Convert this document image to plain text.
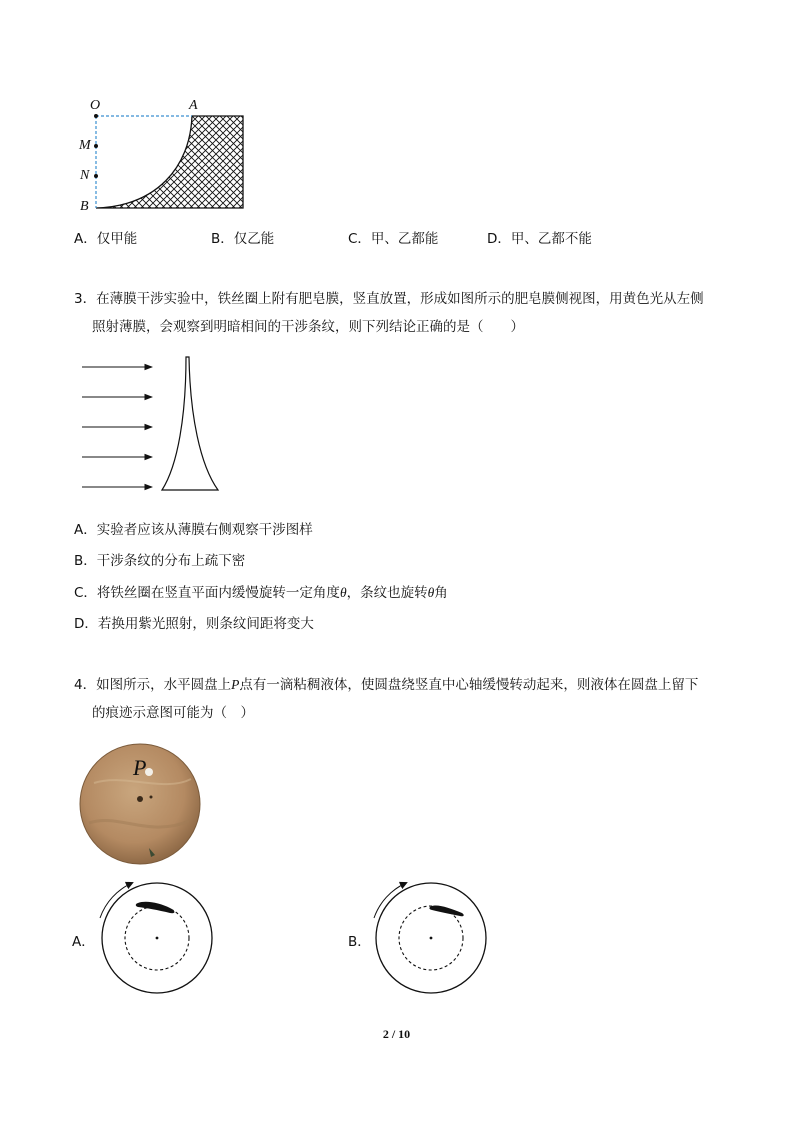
O	A
M
N
B
A．仅甲能	B．仅乙能	C．甲、乙都能	D．甲、乙都不能
3．在薄膜干涉实验中，铁丝圈上附有肥皂膜，竖直放置，形成如图所示的肥皂膜侧视图，用黄色光从左侧
照射薄膜，会观察到明暗相间的干涉条纹，则下列结论正确的是（　　）
A．实验者应该从薄膜右侧观察干涉图样
B．干涉条纹的分布上疏下密
C．将铁丝圈在竖直平面内缓慢旋转一定角度θ，条纹也旋转θ角
D．若换用紫光照射，则条纹间距将变大
4．如图所示，水平圆盘上P点有一滴粘稠液体，使圆盘绕竖直中心轴缓慢转动起来，则液体在圆盘上留下
的痕迹示意图可能为（　）
P
A．	B．
2 / 10
